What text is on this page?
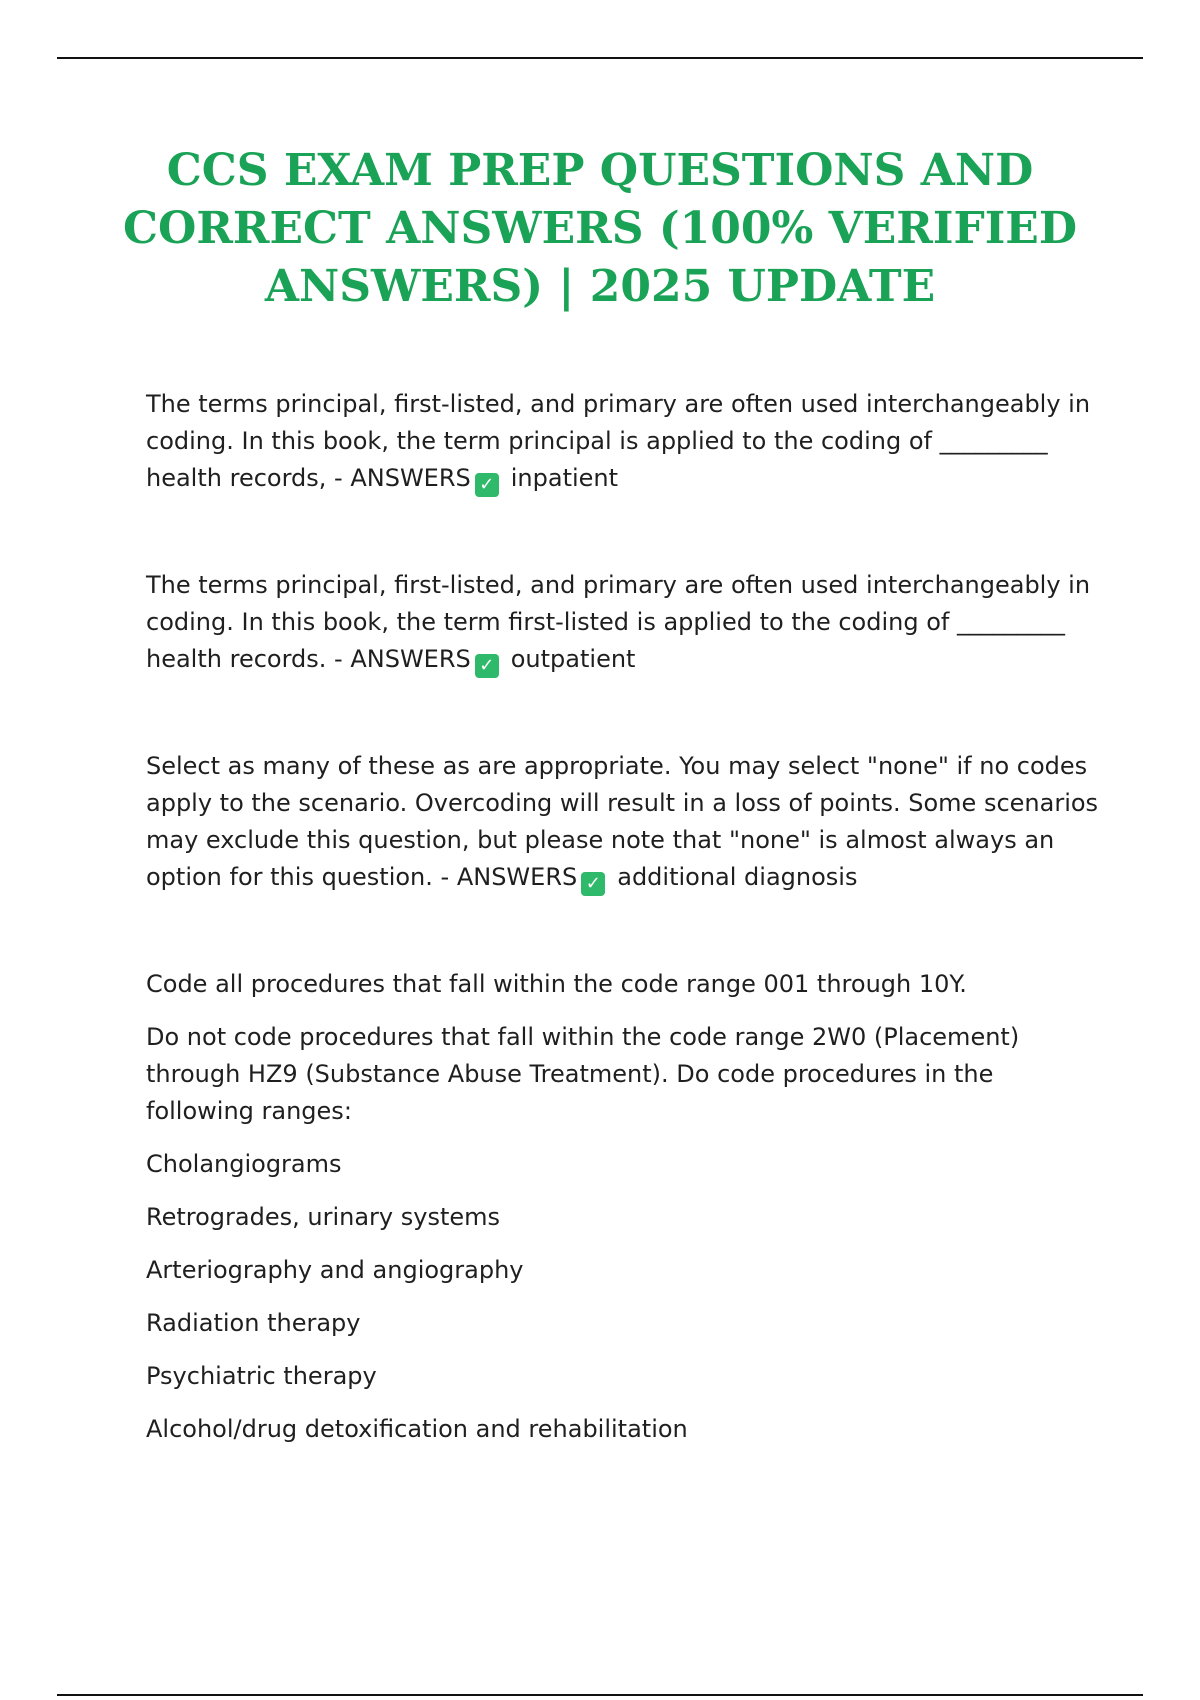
CCS EXAM PREP QUESTIONS AND CORRECT ANSWERS (100% VERIFIED ANSWERS) | 2025 UPDATE

The terms principal, first-listed, and primary are often used interchangeably in coding. In this book, the term principal is applied to the coding of _________ health records, - ANSWERS ✓ inpatient

The terms principal, first-listed, and primary are often used interchangeably in coding. In this book, the term first-listed is applied to the coding of _________ health records. - ANSWERS ✓ outpatient

Select as many of these as are appropriate. You may select "none" if no codes apply to the scenario. Overcoding will result in a loss of points. Some scenarios may exclude this question, but please note that "none" is almost always an option for this question. - ANSWERS ✓ additional diagnosis

Code all procedures that fall within the code range 001 through 10Y.

Do not code procedures that fall within the code range 2W0 (Placement) through HZ9 (Substance Abuse Treatment). Do code procedures in the following ranges:

Cholangiograms

Retrogrades, urinary systems

Arteriography and angiography

Radiation therapy

Psychiatric therapy

Alcohol/drug detoxification and rehabilitation
